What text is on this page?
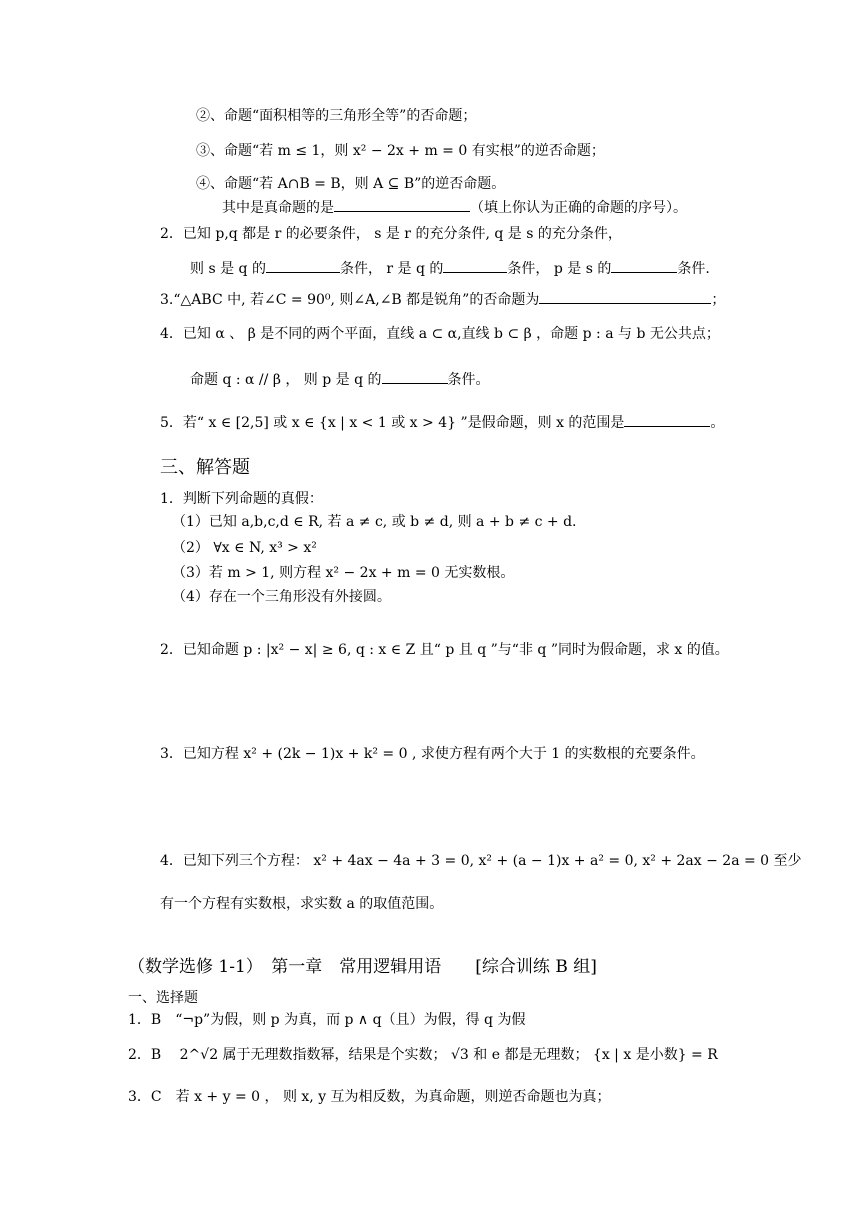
②、命题“面积相等的三角形全等”的否命题；
③、命题“若 m ≤ 1，则 x² − 2x + m = 0 有实根”的逆否命题；
④、命题“若 A∩B = B，则 A ⊆ B”的逆否命题。
其中是真命题的是	（填上你认为正确的命题的序号）。
2．已知 p,q 都是 r 的必要条件， s 是 r 的充分条件, q 是 s 的充分条件，
则 s 是 q 的	条件， r 是 q 的	条件， p 是 s 的	条件.
3.“△ABC 中, 若∠C = 90⁰, 则∠A,∠B 都是锐角”的否命题为	；
4．已知 α 、 β 是不同的两个平面，直线 a ⊂ α,直线 b ⊂ β ，命题 p : a 与 b 无公共点；
命题 q : α // β ， 则 p 是 q 的	条件。
5．若“ x ∈ [2,5] 或 x ∈ {x | x < 1 或 x > 4} ”是假命题，则 x 的范围是	。
三、解答题
1．判断下列命题的真假：
（1）已知 a,b,c,d ∈ R, 若 a ≠ c, 或 b ≠ d, 则 a + b ≠ c + d.
（2） ∀x ∈ N, x³ > x²
（3）若 m > 1, 则方程 x² − 2x + m = 0 无实数根。
（4）存在一个三角形没有外接圆。
2．已知命题 p : |x² − x| ≥ 6, q : x ∈ Z 且“ p 且 q ”与“非 q ”同时为假命题，求 x 的值。
3．已知方程 x² + (2k − 1)x + k² = 0 , 求使方程有两个大于 1 的实数根的充要条件。
4．已知下列三个方程： x² + 4ax − 4a + 3 = 0, x² + (a − 1)x + a² = 0, x² + 2ax − 2a = 0 至少
有一个方程有实数根，求实数 a 的取值范围。
（数学选修 1-1）　第一章　常用逻辑用语　　[综合训练 B 组]
一、选择题
1．B　“¬p”为假，则 p 为真，而 p ∧ q（且）为假，得 q 为假
2．B　 2^√2 属于无理数指数幂，结果是个实数； √3 和 e 都是无理数； {x | x 是小数} = R
3．C　若 x + y = 0 ， 则 x, y 互为相反数，为真命题，则逆否命题也为真；
